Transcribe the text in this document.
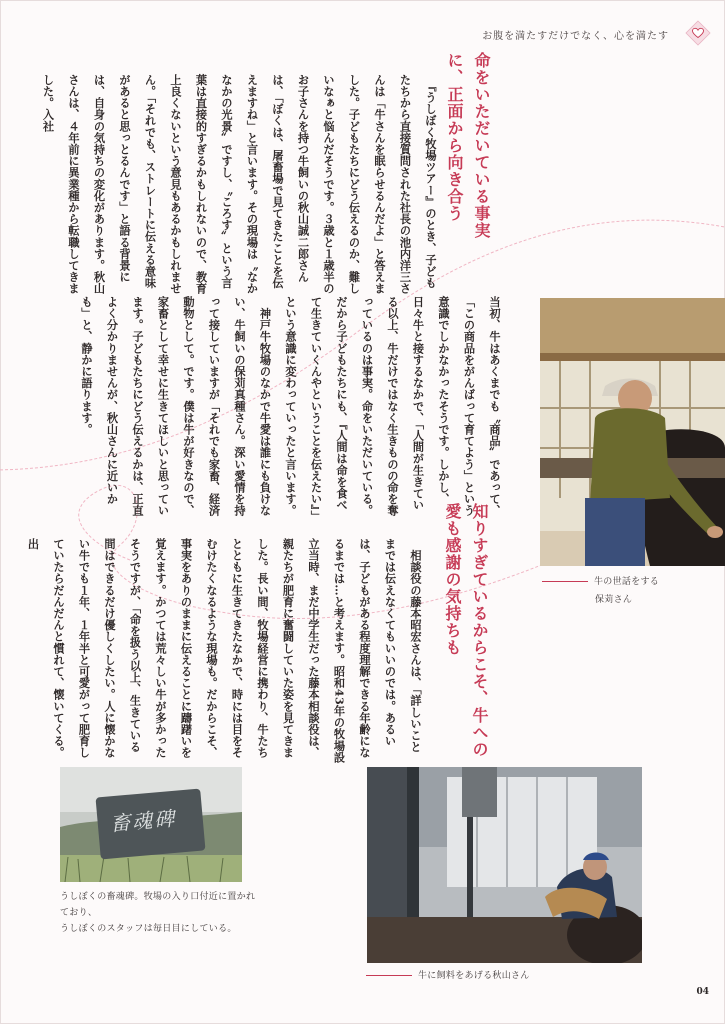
お腹を満たすだけでなく、心を満たす
命をいただいている事実に、正面から向き合う

　『うしぼく牧場ツアー』のとき、子どもたちから直接質問された社長の池内洋三さんは「牛さんを眠らせるんだよ」と答えました。子どもたちにどう伝えるのか、難しいなぁと悩んだそうです。３歳と１歳半のお子さんを持つ牛飼いの秋山誠二郎さんは、「ぼくは、屠畜場で見てきたことを伝えますね」と言います。その現場は〝なかなかの光景〟ですし、〝ころす〟という言葉は直接的すぎるかもしれないので、教育上良くないという意見もあるかもしれません。「それでも、ストレートに伝える意味があると思っとるんです」と語る背景には、自身の気持ちの変化があります。秋山さんは、４年前に異業種から転職してきました。入社

当初、牛はあくまでも〝商品〟であって、「この商品をがんばって育てよう」という意識でしかなかったそうです。しかし、日々牛と接するなかで、「人間が生きている以上、牛だけではなく生きものの命を奪っているのは事実。命をいただいている。だから子どもたちにも、『人間は命を食べて生きていくんやということを伝えたい』」という意識に変わっていったと言います。

　神戸牛牧場のなかで牛愛は誰にも負けない、牛飼いの保苅真種さん。深い愛情を持って接していますが「それでも家畜、経済動物として。です。僕は牛が好きなので、家畜として幸せに生きてほしいと思っています。子どもたちにどう伝えるかは、正直よく分かりませんが、秋山さんに近いかも」と、静かに語ります。

知りすぎているからこそ、牛への愛も感謝の気持ちも

　相談役の藤本昭宏さんは、「詳しいことまでは伝えなくてもいいのでは。あるいは、子どもがある程度理解できる年齢になるまでは…と考えます。昭和43年の牧場設立当時、まだ中学生だった藤本相談役は、親たちが肥育に奮闘していた姿を見てきました。長い間、牧場経営に携わり、牛たちとともに生きてきたなかで、時には目をそむけたくなるような現場も。だからこそ、事実をありのままに伝えることに躊躇いを覚えます。かつては荒々しい牛が多かったそうですが、「命を扱う以上、生きている間はできるだけ優しくしたい。人に懐かない牛でも１年、１年半と可愛がって肥育していたらだんだんと慣れて、懐いてくる。出

牛の世話をする
保苅さん
畜魂碑
うしぼくの畜魂碑。牧場の入り口付近に置かれており、
うしぼくのスタッフは毎日目にしている。
牛に飼料をあげる秋山さん
04
